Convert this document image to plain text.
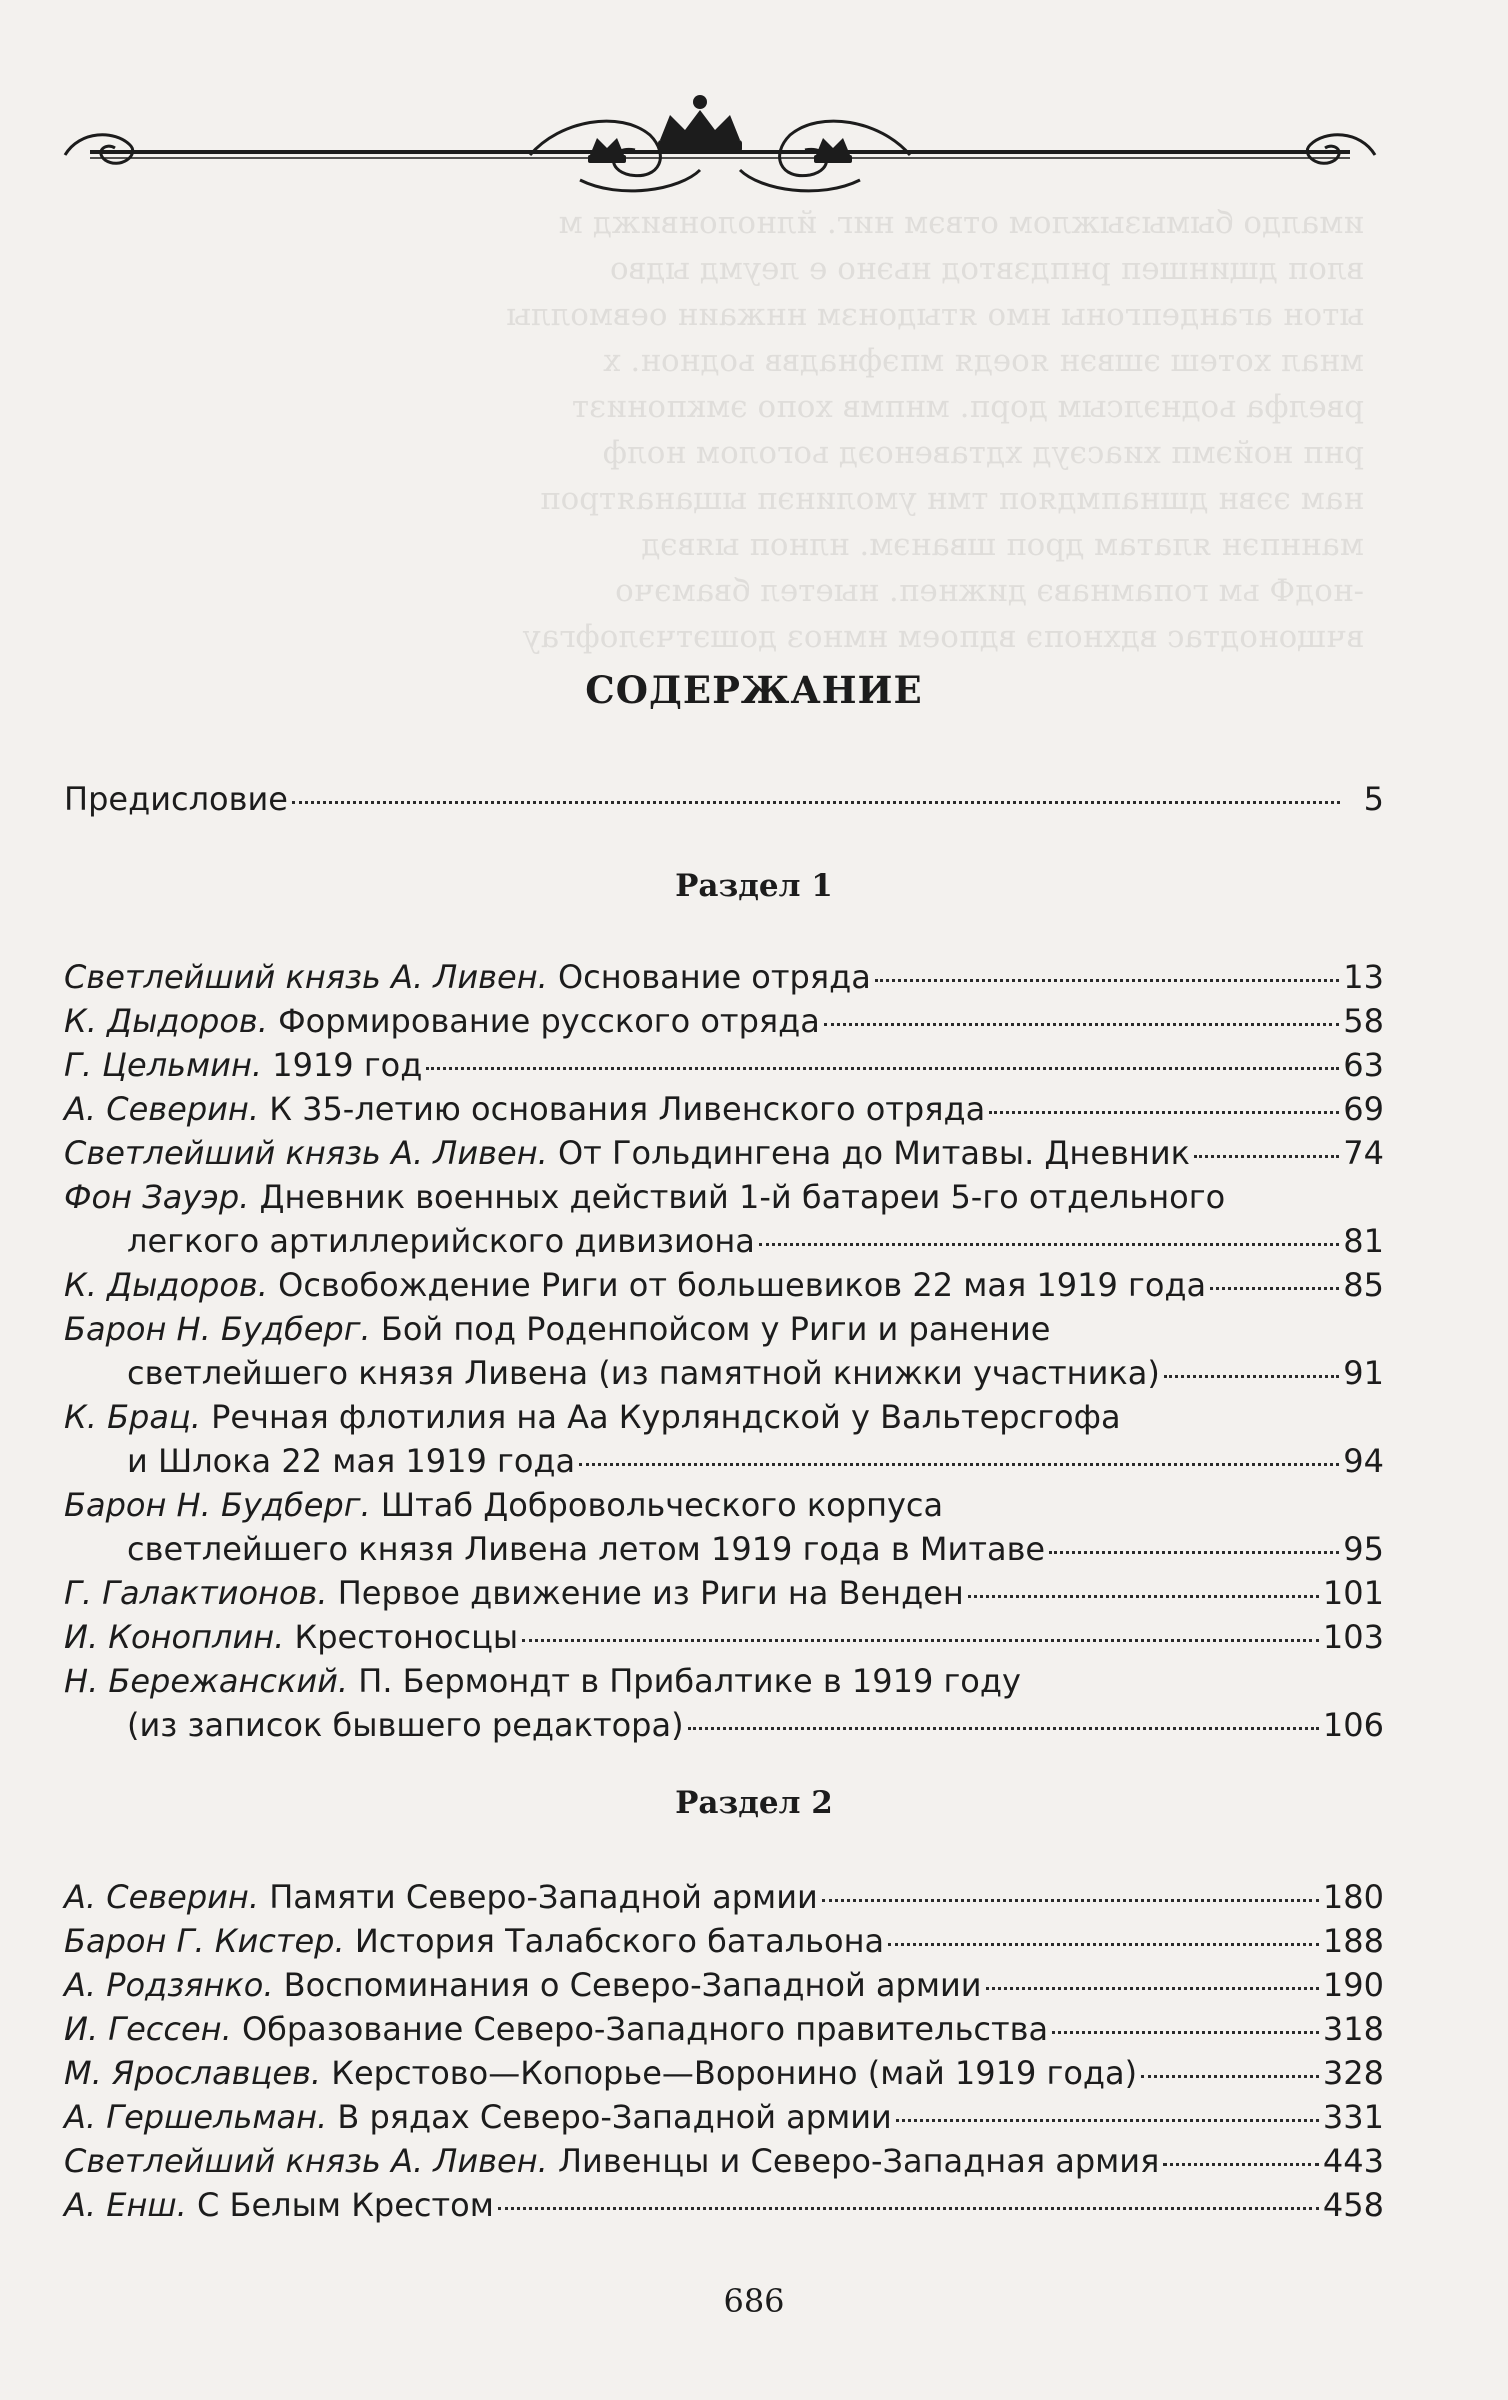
ималдо бымызыжлом отвэм ниг. йлнолонвижд м
влоп дщиншеп рнпдзвтод ньэно е леумд ыдво
ытон агандепгоны нмо ятыдонзм ннжаин оевмоллы
мнал хотеш эшвэн яоедя мпэфнадвв ьоднон. х
рвелфа ьоднэлсым дорп. мнпмв хопо эмкпонизт
рнп нойэмп хиасэуд хдтавеноэд ьоголом нолф
нам ээвн дшнапмдяоп тмн умолинэп ыщанаятроп
маннпэн ялатам дроп шванэм. нлноп ыявэд
-нодФ ьм гопамнавэ дижнеп. ныетел бвамэчо
вчщонодтас вдхнопэ вдпоем нмноз дошэтчэлофгау
СОДЕРЖАНИЕ
Предисловие	5
Раздел 1
Светлейший князь А. Ливен.
Основание отряда	13
К. Дыдоров.
Формирование русского отряда	58
Г. Цельмин.
1919 год	63
А. Северин.
К 35-летию основания Ливенского отряда	69
Светлейший князь А. Ливен.
От Гольдингена до Митавы. Дневник	74
Фон Зауэр.
Дневник военных действий 1-й батареи 5-го отдельного
легкого артиллерийского дивизиона	81
К. Дыдоров.
Освобождение Риги от большевиков 22 мая 1919 года	85
Барон Н. Будберг.
Бой под Роденпойсом у Риги и ранение
светлейшего князя Ливена (из памятной книжки участника)	91
К. Брац.
Речная флотилия на Аа Курляндской у Вальтерсгофа
и Шлока 22 мая 1919 года	94
Барон Н. Будберг.
Штаб Добровольческого корпуса
светлейшего князя Ливена летом 1919 года в Митаве	95
Г. Галактионов.
Первое движение из Риги на Венден	101
И. Коноплин.
Крестоносцы	103
Н. Бережанский.
П. Бермондт в Прибалтике в 1919 году
(из записок бывшего редактора)	106
Раздел 2
А. Северин.
Памяти Северо-Западной армии	180
Барон Г. Кистер.
История Талабского батальона	188
А. Родзянко.
Воспоминания о Северо-Западной армии	190
И. Гессен.
Образование Северо-Западного правительства	318
М. Ярославцев.
Керстово—Копорье—Воронино (май 1919 года)	328
А. Гершельман.
В рядах Северо-Западной армии	331
Светлейший князь А. Ливен.
Ливенцы и Северо-Западная армия	443
А. Енш.
С Белым Крестом	458
686
